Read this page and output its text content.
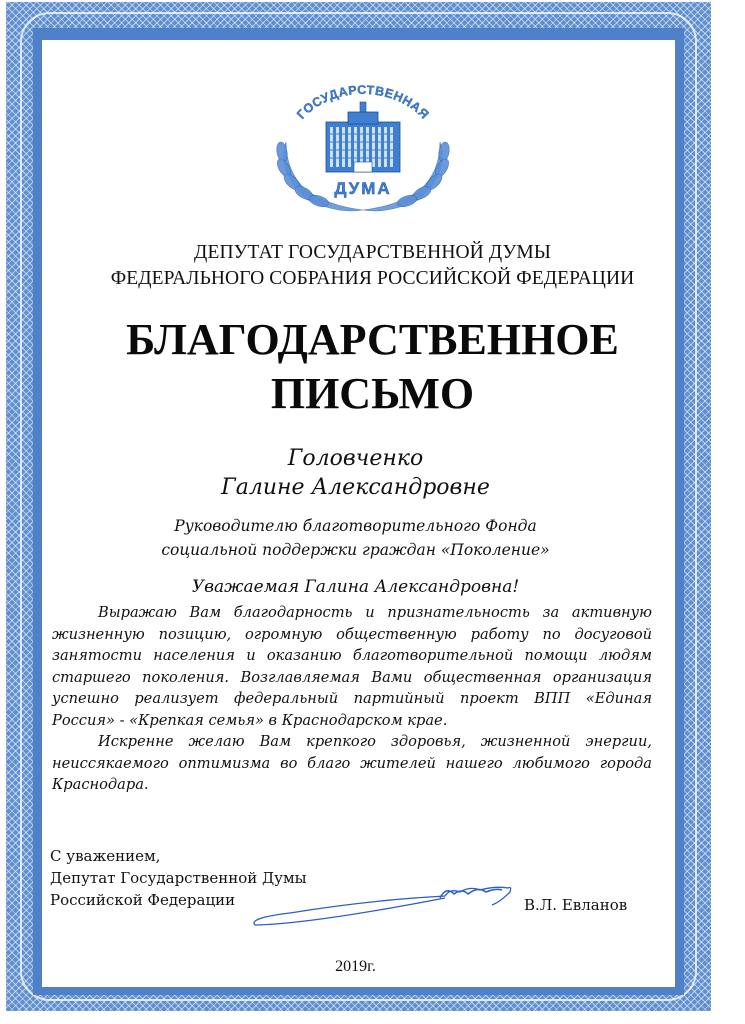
ГОСУДАРСТВЕННАЯ
ДУМА
ДЕПУТАТ ГОСУДАРСТВЕННОЙ ДУМЫ
ФЕДЕРАЛЬНОГО СОБРАНИЯ РОССИЙСКОЙ ФЕДЕРАЦИИ
БЛАГОДАРСТВЕННОЕ
ПИСЬМО
Головченко
Галине Александровне
Руководителю благотворительного Фонда
социальной поддержки граждан «Поколение»
Уважаемая Галина Александровна!

Выражаю Вам благодарность и признательность за активную жизненную позицию, огромную общественную работу по досуговой занятости населения и оказанию благотворительной помощи людям старшего поколения. Возглавляемая Вами общественная организация успешно реализует федеральный партийный проект ВПП «Единая Россия» - «Крепкая семья» в Краснодарском крае.

Искренне желаю Вам крепкого здоровья, жизненной энергии, неиссякаемого оптимизма во благо жителей нашего любимого города Краснодара.

С уважением,
Депутат Государственной Думы
Российской Федерации	В.Л. Евланов
2019г.
